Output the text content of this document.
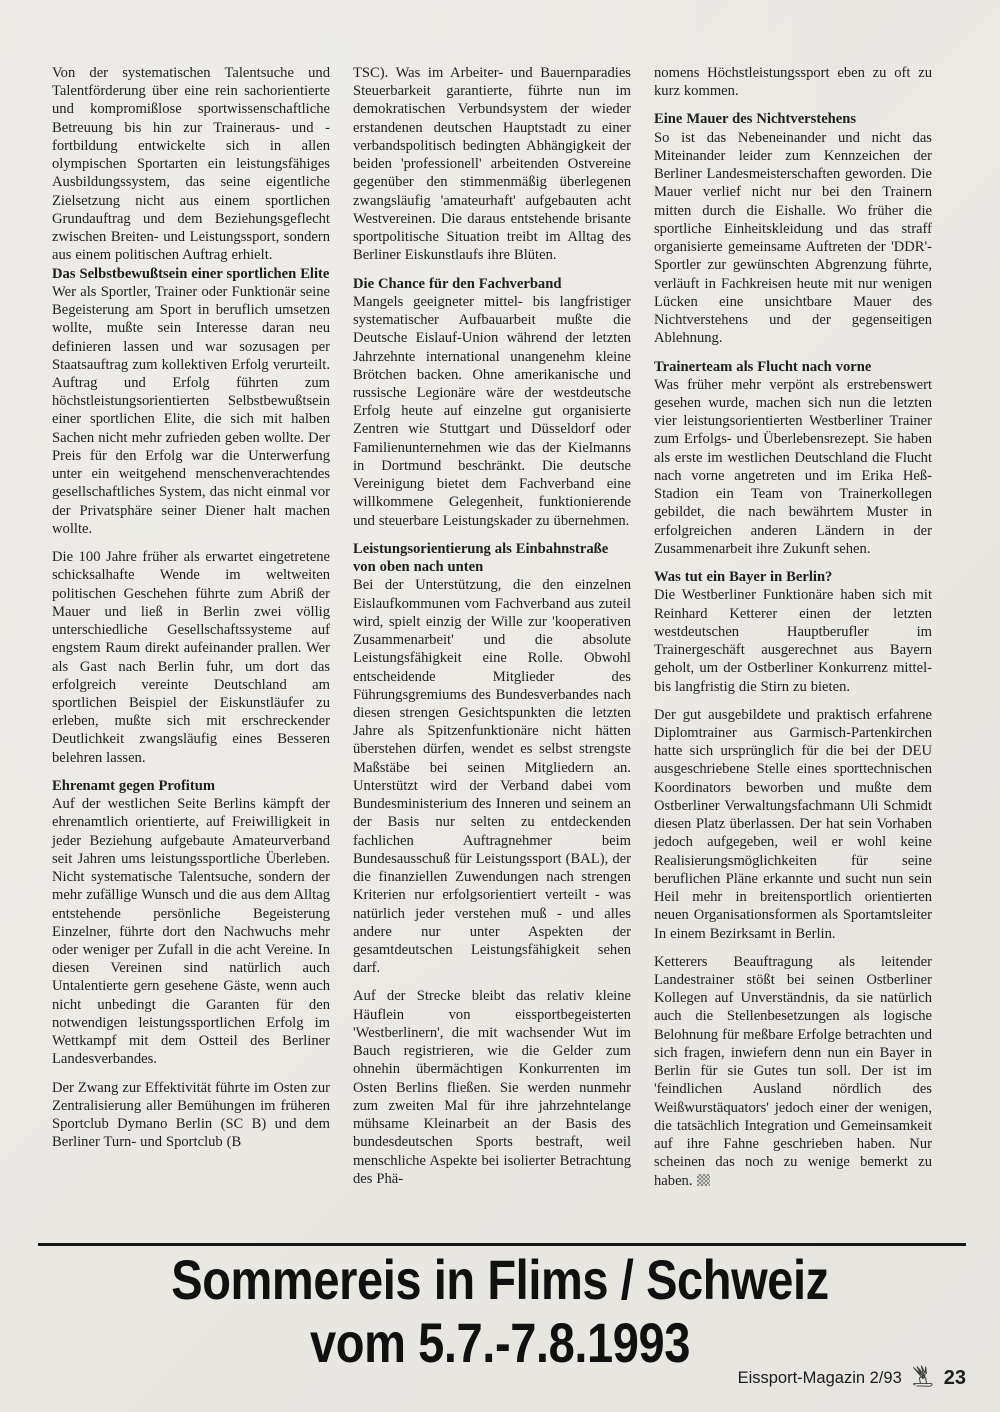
Von der systematischen Talentsuche und Talentförderung über eine rein sachorientierte und kompromißlose sportwissenschaftliche Betreuung bis hin zur Traineraus- und -fortbildung entwickelte sich in allen olympischen Sportarten ein leistungsfähiges Ausbildungssystem, das seine eigentliche Zielsetzung nicht aus einem sportlichen Grundauftrag und dem Beziehungsgeflecht zwischen Breiten- und Leistungssport, sondern aus einem politischen Auftrag erhielt.

Das Selbstbewußtsein einer sportlichen Elite

Wer als Sportler, Trainer oder Funktionär seine Begeisterung am Sport in beruflich umsetzen wollte, mußte sein Interesse daran neu definieren lassen und war sozusagen per Staatsauftrag zum kollektiven Erfolg verurteilt. Auftrag und Erfolg führten zum höchstleistungsorientierten Selbstbewußtsein einer sportlichen Elite, die sich mit halben Sachen nicht mehr zufrieden geben wollte. Der Preis für den Erfolg war die Unterwerfung unter ein weitgehend menschenverachtendes gesellschaftliches System, das nicht einmal vor der Privatsphäre seiner Diener halt machen wollte.

Die 100 Jahre früher als erwartet eingetretene schicksalhafte Wende im weltweiten politischen Geschehen führte zum Abriß der Mauer und ließ in Berlin zwei völlig unterschiedliche Gesellschaftssysteme auf engstem Raum direkt aufeinander prallen. Wer als Gast nach Berlin fuhr, um dort das erfolgreich vereinte Deutschland am sportlichen Beispiel der Eiskunstläufer zu erleben, mußte sich mit erschreckender Deutlichkeit zwangsläufig eines Besseren belehren lassen.

Ehrenamt gegen Profitum

Auf der westlichen Seite Berlins kämpft der ehrenamtlich orientierte, auf Freiwilligkeit in jeder Beziehung aufgebaute Amateurverband seit Jahren ums leistungssportliche Überleben. Nicht systematische Talentsuche, sondern der mehr zufällige Wunsch und die aus dem Alltag entstehende persönliche Begeisterung Einzelner, führte dort den Nachwuchs mehr oder weniger per Zufall in die acht Vereine. In diesen Vereinen sind natürlich auch Untalentierte gern gesehene Gäste, wenn auch nicht unbedingt die Garanten für den notwendigen leistungssportlichen Erfolg im Wettkampf mit dem Ostteil des Berliner Landesverbandes.

Der Zwang zur Effektivität führte im Osten zur Zentralisierung aller Bemühungen im früheren Sportclub Dymano Berlin (SC B) und dem Berliner Turn- und Sportclub (B

TSC). Was im Arbeiter- und Bauernparadies Steuerbarkeit garantierte, führte nun im demokratischen Verbundsystem der wieder erstandenen deutschen Hauptstadt zu einer verbandspolitisch bedingten Abhängigkeit der beiden 'professionell' arbeitenden Ostvereine gegenüber den stimmenmäßig überlegenen zwangsläufig 'amateurhaft' aufgebauten acht Westvereinen. Die daraus entstehende brisante sportpolitische Situation treibt im Alltag des Berliner Eiskunstlaufs ihre Blüten.

Die Chance für den Fachverband

Mangels geeigneter mittel- bis langfristiger systematischer Aufbauarbeit mußte die Deutsche Eislauf-Union während der letzten Jahrzehnte international unangenehm kleine Brötchen backen. Ohne amerikanische und russische Legionäre wäre der westdeutsche Erfolg heute auf einzelne gut organisierte Zentren wie Stuttgart und Düsseldorf oder Familienunternehmen wie das der Kielmanns in Dortmund beschränkt. Die deutsche Vereinigung bietet dem Fachverband eine willkommene Gelegenheit, funktionierende und steuerbare Leistungskader zu übernehmen.

Leistungsorientierung als Einbahnstraße von oben nach unten

Bei der Unterstützung, die den einzelnen Eislaufkommunen vom Fachverband aus zuteil wird, spielt einzig der Wille zur 'kooperativen Zusammenarbeit' und die absolute Leistungsfähigkeit eine Rolle. Obwohl entscheidende Mitglieder des Führungsgremiums des Bundesverbandes nach diesen strengen Gesichtspunkten die letzten Jahre als Spitzenfunktionäre nicht hätten überstehen dürfen, wendet es selbst strengste Maßstäbe bei seinen Mitgliedern an. Unterstützt wird der Verband dabei vom Bundesministerium des Inneren und seinem an der Basis nur selten zu entdeckenden fachlichen Auftragnehmer beim Bundesausschuß für Leistungssport (BAL), der die finanziellen Zuwendungen nach strengen Kriterien nur erfolgsorientiert verteilt - was natürlich jeder verstehen muß - und alles andere nur unter Aspekten der gesamtdeutschen Leistungsfähigkeit sehen darf.

Auf der Strecke bleibt das relativ kleine Häuflein von eissportbegeisterten 'Westberlinern', die mit wachsender Wut im Bauch registrieren, wie die Gelder zum ohnehin übermächtigen Konkurrenten im Osten Berlins fließen. Sie werden nunmehr zum zweiten Mal für ihre jahrzehntelange mühsame Kleinarbeit an der Basis des bundesdeutschen Sports bestraft, weil menschliche Aspekte bei isolierter Betrachtung des Phä-

nomens Höchstleistungssport eben zu oft zu kurz kommen.

Eine Mauer des Nichtverstehens

So ist das Nebeneinander und nicht das Miteinander leider zum Kennzeichen der Berliner Landesmeisterschaften geworden. Die Mauer verlief nicht nur bei den Trainern mitten durch die Eishalle. Wo früher die sportliche Einheitskleidung und das straff organisierte gemeinsame Auftreten der 'DDR'-Sportler zur gewünschten Abgrenzung führte, verläuft in Fachkreisen heute mit nur wenigen Lücken eine unsichtbare Mauer des Nichtverstehens und der gegenseitigen Ablehnung.

Trainerteam als Flucht nach vorne

Was früher mehr verpönt als erstrebenswert gesehen wurde, machen sich nun die letzten vier leistungsorientierten Westberliner Trainer zum Erfolgs- und Überlebensrezept. Sie haben als erste im westlichen Deutschland die Flucht nach vorne angetreten und im Erika Heß-Stadion ein Team von Trainerkollegen gebildet, die nach bewährtem Muster in erfolgreichen anderen Ländern in der Zusammenarbeit ihre Zukunft sehen.

Was tut ein Bayer in Berlin?

Die Westberliner Funktionäre haben sich mit Reinhard Ketterer einen der letzten westdeutschen Hauptberufler im Trainergeschäft ausgerechnet aus Bayern geholt, um der Ostberliner Konkurrenz mittel- bis langfristig die Stirn zu bieten.

Der gut ausgebildete und praktisch erfahrene Diplomtrainer aus Garmisch-Partenkirchen hatte sich ursprünglich für die bei der DEU ausgeschriebene Stelle eines sporttechnischen Koordinators beworben und mußte dem Ostberliner Verwaltungsfachmann Uli Schmidt diesen Platz überlassen. Der hat sein Vorhaben jedoch aufgegeben, weil er wohl keine Realisierungsmöglichkeiten für seine beruflichen Pläne erkannte und sucht nun sein Heil mehr in breitensportlich orientierten neuen Organisationsformen als Sportamtsleiter In einem Bezirksamt in Berlin.

Ketterers Beauftragung als leitender Landestrainer stößt bei seinen Ostberliner Kollegen auf Unverständnis, da sie natürlich auch die Stellenbesetzungen als logische Belohnung für meßbare Erfolge betrachten und sich fragen, inwiefern denn nun ein Bayer in Berlin für sie Gutes tun soll. Der ist im 'feindlichen Ausland nördlich des Weißwurstäquators' jedoch einer der wenigen, die tatsächlich Integration und Gemeinsamkeit auf ihre Fahne geschrieben haben. Nur scheinen das noch zu wenige bemerkt zu haben.

Sommereis in Flims / Schweiz
vom 5.7.-7.8.1993
Eissport-Magazin 2/93 23
